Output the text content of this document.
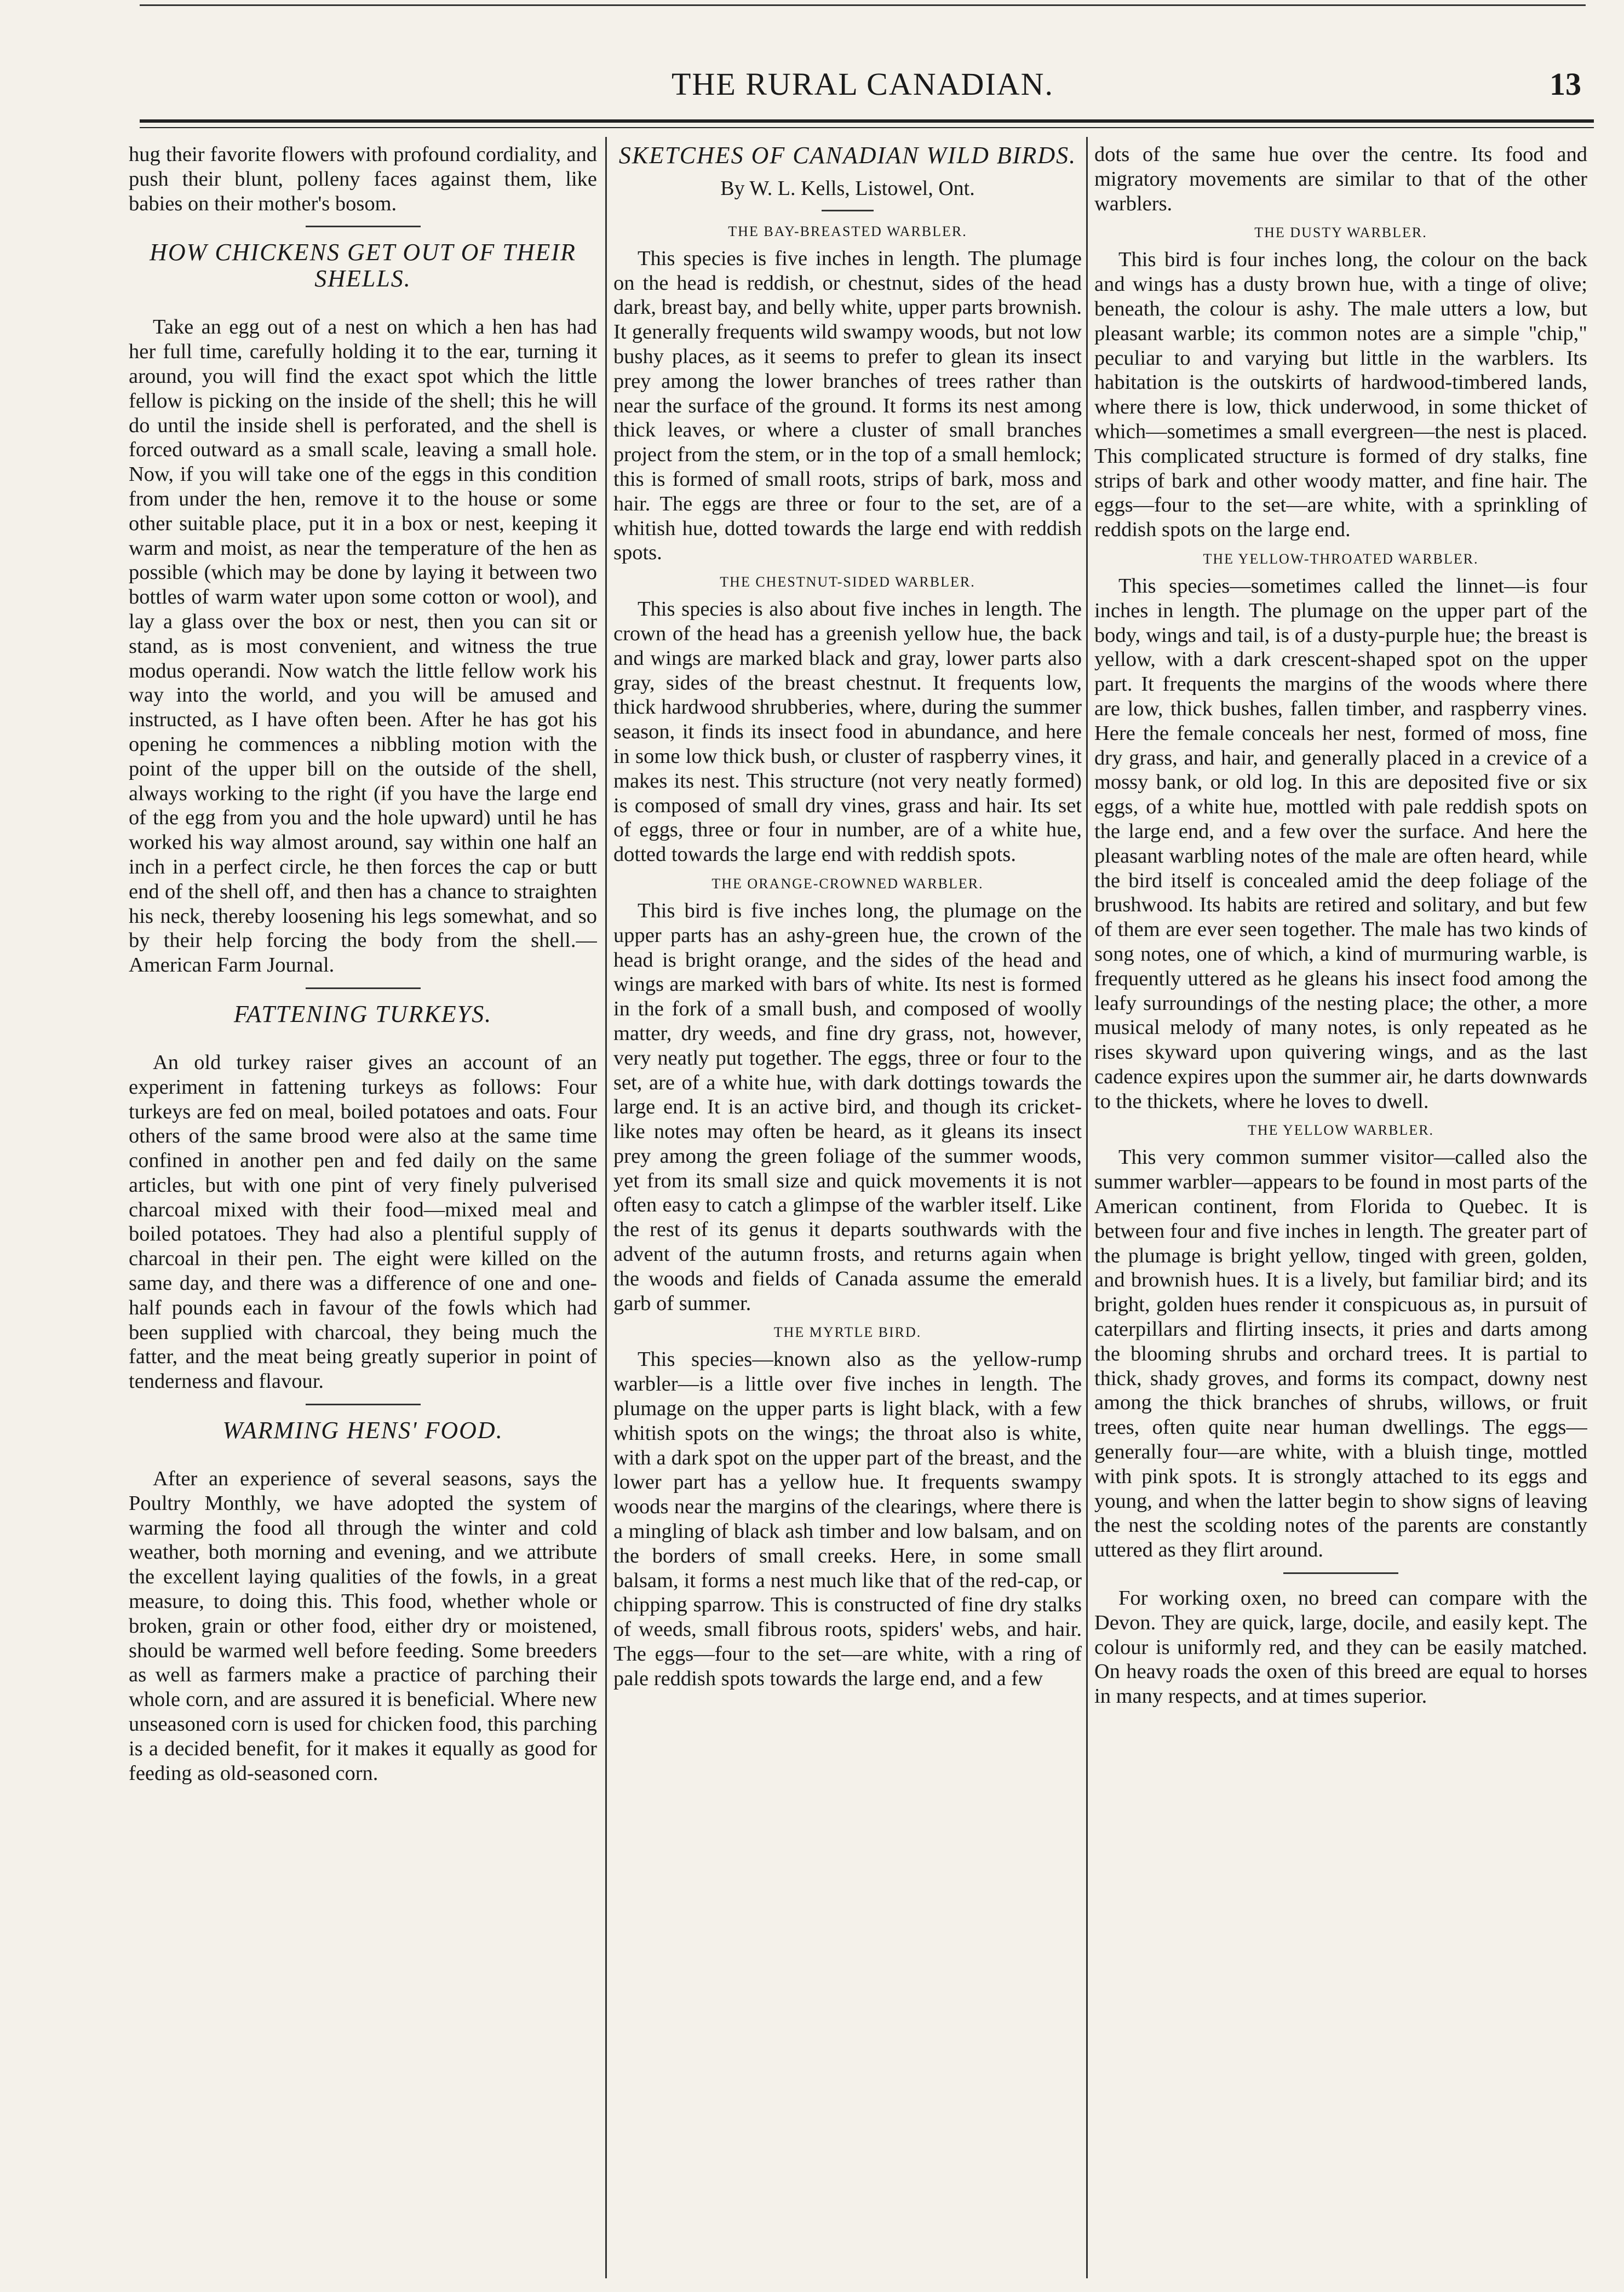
THE RURAL CANADIAN.	13

hug their favorite flowers with profound cordiality, and push their blunt, polleny faces against them, like babies on their mother's bosom.

HOW CHICKENS GET OUT OF THEIR SHELLS.

Take an egg out of a nest on which a hen has had her full time, carefully holding it to the ear, turning it around, you will find the exact spot which the little fellow is picking on the inside of the shell; this he will do until the inside shell is perforated, and the shell is forced outward as a small scale, leaving a small hole. Now, if you will take one of the eggs in this condition from under the hen, remove it to the house or some other suitable place, put it in a box or nest, keeping it warm and moist, as near the temperature of the hen as possible (which may be done by laying it between two bottles of warm water upon some cotton or wool), and lay a glass over the box or nest, then you can sit or stand, as is most convenient, and witness the true modus operandi. Now watch the little fellow work his way into the world, and you will be amused and instructed, as I have often been. After he has got his opening he commences a nibbling motion with the point of the upper bill on the outside of the shell, always working to the right (if you have the large end of the egg from you and the hole upward) until he has worked his way almost around, say within one half an inch in a perfect circle, he then forces the cap or butt end of the shell off, and then has a chance to straighten his neck, thereby loosening his legs somewhat, and so by their help forcing the body from the shell.—American Farm Journal.

FATTENING TURKEYS.

An old turkey raiser gives an account of an experiment in fattening turkeys as follows: Four turkeys are fed on meal, boiled potatoes and oats. Four others of the same brood were also at the same time confined in another pen and fed daily on the same articles, but with one pint of very finely pulverised charcoal mixed with their food—mixed meal and boiled potatoes. They had also a plentiful supply of charcoal in their pen. The eight were killed on the same day, and there was a difference of one and one-half pounds each in favour of the fowls which had been supplied with charcoal, they being much the fatter, and the meat being greatly superior in point of tenderness and flavour.

WARMING HENS' FOOD.

After an experience of several seasons, says the Poultry Monthly, we have adopted the system of warming the food all through the winter and cold weather, both morning and evening, and we attribute the excellent laying qualities of the fowls, in a great measure, to doing this. This food, whether whole or broken, grain or other food, either dry or moistened, should be warmed well before feeding. Some breeders as well as farmers make a practice of parching their whole corn, and are assured it is beneficial. Where new unseasoned corn is used for chicken food, this parching is a decided benefit, for it makes it equally as good for feeding as old-seasoned corn.

SKETCHES OF CANADIAN WILD BIRDS.
By W. L. Kells, Listowel, Ont.
THE BAY-BREASTED WARBLER.

This species is five inches in length. The plumage on the head is reddish, or chestnut, sides of the head dark, breast bay, and belly white, upper parts brownish. It generally frequents wild swampy woods, but not low bushy places, as it seems to prefer to glean its insect prey among the lower branches of trees rather than near the surface of the ground. It forms its nest among thick leaves, or where a cluster of small branches project from the stem, or in the top of a small hemlock; this is formed of small roots, strips of bark, moss and hair. The eggs are three or four to the set, are of a whitish hue, dotted towards the large end with reddish spots.

THE CHESTNUT-SIDED WARBLER.

This species is also about five inches in length. The crown of the head has a greenish yellow hue, the back and wings are marked black and gray, lower parts also gray, sides of the breast chestnut. It frequents low, thick hardwood shrubberies, where, during the summer season, it finds its insect food in abundance, and here in some low thick bush, or cluster of raspberry vines, it makes its nest. This structure (not very neatly formed) is composed of small dry vines, grass and hair. Its set of eggs, three or four in number, are of a white hue, dotted towards the large end with reddish spots.

THE ORANGE-CROWNED WARBLER.

This bird is five inches long, the plumage on the upper parts has an ashy-green hue, the crown of the head is bright orange, and the sides of the head and wings are marked with bars of white. Its nest is formed in the fork of a small bush, and composed of woolly matter, dry weeds, and fine dry grass, not, however, very neatly put together. The eggs, three or four to the set, are of a white hue, with dark dottings towards the large end. It is an active bird, and though its cricket-like notes may often be heard, as it gleans its insect prey among the green foliage of the summer woods, yet from its small size and quick movements it is not often easy to catch a glimpse of the warbler itself. Like the rest of its genus it departs southwards with the advent of the autumn frosts, and returns again when the woods and fields of Canada assume the emerald garb of summer.

THE MYRTLE BIRD.

This species—known also as the yellow-rump warbler—is a little over five inches in length. The plumage on the upper parts is light black, with a few whitish spots on the wings; the throat also is white, with a dark spot on the upper part of the breast, and the lower part has a yellow hue. It frequents swampy woods near the margins of the clearings, where there is a mingling of black ash timber and low balsam, and on the borders of small creeks. Here, in some small balsam, it forms a nest much like that of the red-cap, or chipping sparrow. This is constructed of fine dry stalks of weeds, small fibrous roots, spiders' webs, and hair. The eggs—four to the set—are white, with a ring of pale reddish spots towards the large end, and a few

dots of the same hue over the centre. Its food and migratory movements are similar to that of the other warblers.

THE DUSTY WARBLER.

This bird is four inches long, the colour on the back and wings has a dusty brown hue, with a tinge of olive; beneath, the colour is ashy. The male utters a low, but pleasant warble; its common notes are a simple "chip," peculiar to and varying but little in the warblers. Its habitation is the outskirts of hardwood-timbered lands, where there is low, thick underwood, in some thicket of which—sometimes a small evergreen—the nest is placed. This complicated structure is formed of dry stalks, fine strips of bark and other woody matter, and fine hair. The eggs—four to the set—are white, with a sprinkling of reddish spots on the large end.

THE YELLOW-THROATED WARBLER.

This species—sometimes called the linnet—is four inches in length. The plumage on the upper part of the body, wings and tail, is of a dusty-purple hue; the breast is yellow, with a dark crescent-shaped spot on the upper part. It frequents the margins of the woods where there are low, thick bushes, fallen timber, and raspberry vines. Here the female conceals her nest, formed of moss, fine dry grass, and hair, and generally placed in a crevice of a mossy bank, or old log. In this are deposited five or six eggs, of a white hue, mottled with pale reddish spots on the large end, and a few over the surface. And here the pleasant warbling notes of the male are often heard, while the bird itself is concealed amid the deep foliage of the brushwood. Its habits are retired and solitary, and but few of them are ever seen together. The male has two kinds of song notes, one of which, a kind of murmuring warble, is frequently uttered as he gleans his insect food among the leafy surroundings of the nesting place; the other, a more musical melody of many notes, is only repeated as he rises skyward upon quivering wings, and as the last cadence expires upon the summer air, he darts downwards to the thickets, where he loves to dwell.

THE YELLOW WARBLER.

This very common summer visitor—called also the summer warbler—appears to be found in most parts of the American continent, from Florida to Quebec. It is between four and five inches in length. The greater part of the plumage is bright yellow, tinged with green, golden, and brownish hues. It is a lively, but familiar bird; and its bright, golden hues render it conspicuous as, in pursuit of caterpillars and flirting insects, it pries and darts among the blooming shrubs and orchard trees. It is partial to thick, shady groves, and forms its compact, downy nest among the thick branches of shrubs, willows, or fruit trees, often quite near human dwellings. The eggs—generally four—are white, with a bluish tinge, mottled with pink spots. It is strongly attached to its eggs and young, and when the latter begin to show signs of leaving the nest the scolding notes of the parents are constantly uttered as they flirt around.

For working oxen, no breed can compare with the Devon. They are quick, large, docile, and easily kept. The colour is uniformly red, and they can be easily matched. On heavy roads the oxen of this breed are equal to horses in many respects, and at times superior.
